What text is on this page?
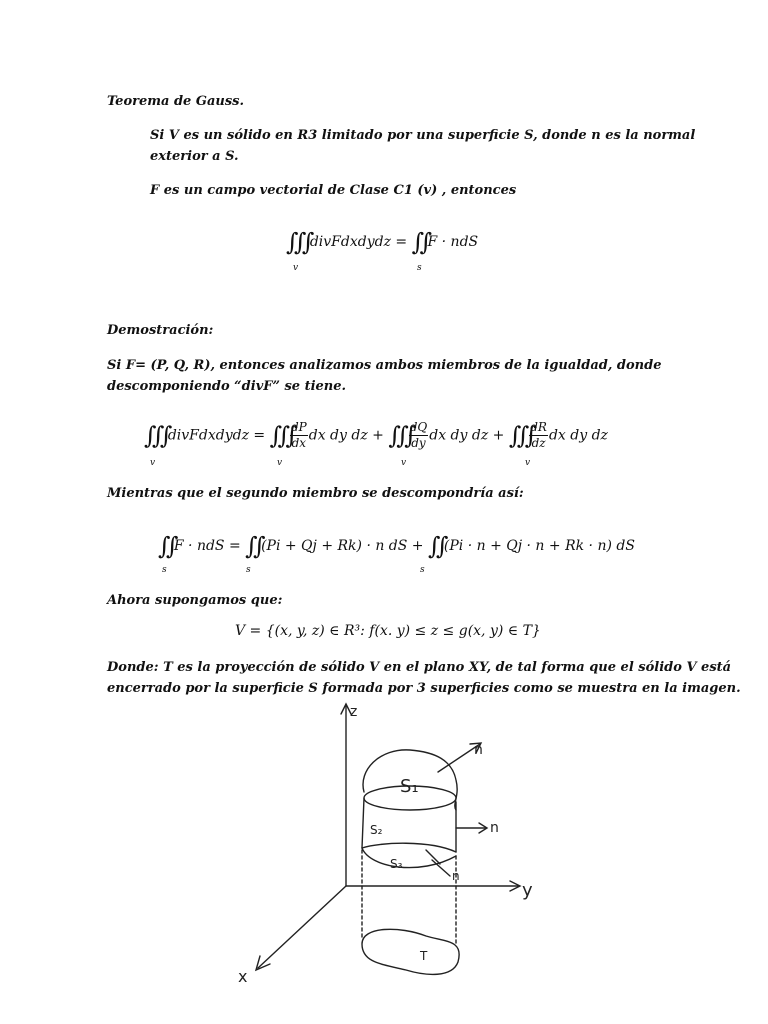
Teorema de Gauss.
Si V es un sólido en R3 limitado por una superficie S, donde n es la normal
exterior a S.
F es un campo vectorial de Clase C1 (v) , entonces
∭ divFdxdydz = ∬ F · ndS
v	s
Demostración:
Si F= (P, Q, R), entonces analizamos ambos miembros de la igualdad, donde
descomponiendo “divF” se tiene.
∭ divFdxdydz = ∭ $\frac{dP}{dx}$ dx dy dz + ∭ $\frac{dQ}{dy}$ dx dy dz + ∭ $\frac{dR}{dz}$ dx dy dz
v	v	v	v
Mientras que el segundo miembro se descompondría así:
∬ F · ndS = ∬ (Pi + Qj + Rk) · n dS + ∬ (Pi · n + Qj · n + Rk · n) dS
s	s	s
Ahora supongamos que:
V = {(x, y, z) ∈ R³: f(x. y) ≤ z ≤ g(x, y) ∈ T}
Donde: T es la proyección de sólido V en el plano XY, de tal forma que el sólido V está
encerrado por la superficie S formada por 3 superficies como se muestra en la imagen.
z
y
x
S₁
S₂
S₃
n
n
n
T
